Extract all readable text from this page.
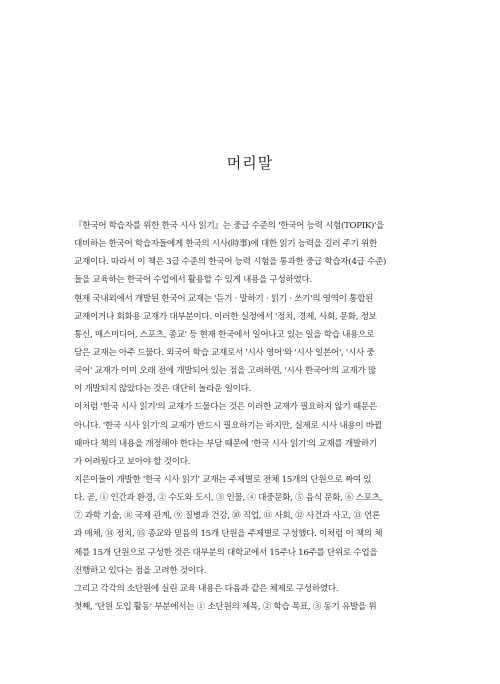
머리말
『한국어 학습자를 위한 한국 시사 읽기』는 중급 수준의 '한국어 능력 시험(TOPIK)'을
대비하는 한국어 학습자들에게 한국의 시사(時事)에 대한 읽기 능력을 길러 주기 위한
교재이다. 따라서 이 책은 3급 수준의 한국어 능력 시험을 통과한 중급 학습자(4급 수준)
들을 교육하는 한국어 수업에서 활용할 수 있게 내용을 구성하였다.
현재 국내외에서 개발된 한국어 교재는 '듣기 · 말하기 · 읽기 · 쓰기'의 영역이 통합된
교재이거나 회화용 교재가 대부분이다. 이러한 실정에서 '정치, 경제, 사회, 문화, 정보
통신, 매스미디어, 스포츠, 종교' 등 현재 한국에서 일어나고 있는 일을 학습 내용으로
담은 교재는 아주 드물다. 외국어 학습 교재로서 '시사 영어'와 '시사 일본어', '시사 중
국어' 교재가 이미 오래 전에 개발되어 있는 점을 고려하면, '시사 한국어'의 교재가 많
이 개발되지 않았다는 것은 대단히 놀라운 일이다.
이처럼 '한국 시사 읽기'의 교재가 드물다는 것은 이러한 교재가 필요하지 않기 때문은
아니다. '한국 시사 읽기'의 교재가 반드시 필요하기는 하지만, 실제로 시사 내용이 바뀔
때마다 책의 내용을 개정해야 한다는 부담 때문에 '한국 시사 읽기'의 교재를 개발하기
가 어려웠다고 보아야 할 것이다.
지은이들이 개발한 '한국 시사 읽기' 교재는 주제별로 전체 15개의 단원으로 짜여 있
다. 곧, ① 인간과 환경, ② 수도와 도시, ③ 인물, ④ 대중문화, ⑤ 음식 문화, ⑥ 스포츠,
⑦ 과학 기술, ⑧ 국제 관계, ⑨ 질병과 건강, ⑩ 직업, ⑪ 사회, ⑫ 사건과 사고, ⑬ 언론
과 매체, ⑭ 정치, ⑮ 종교와 믿음의 15개 단원을 주제별로 구성했다. 이처럼 이 책의 체
제를 15개 단원으로 구성한 것은 대부분의 대학교에서 15주나 16주를 단위로 수업을
진행하고 있다는 점을 고려한 것이다.
그리고 각각의 소단원에 실린 교육 내용은 다음과 같은 체제로 구성하였다.
첫째, '단원 도입 활동' 부분에서는 ① 소단원의 제목, ② 학습 목표, ③ 동기 유발을 위
